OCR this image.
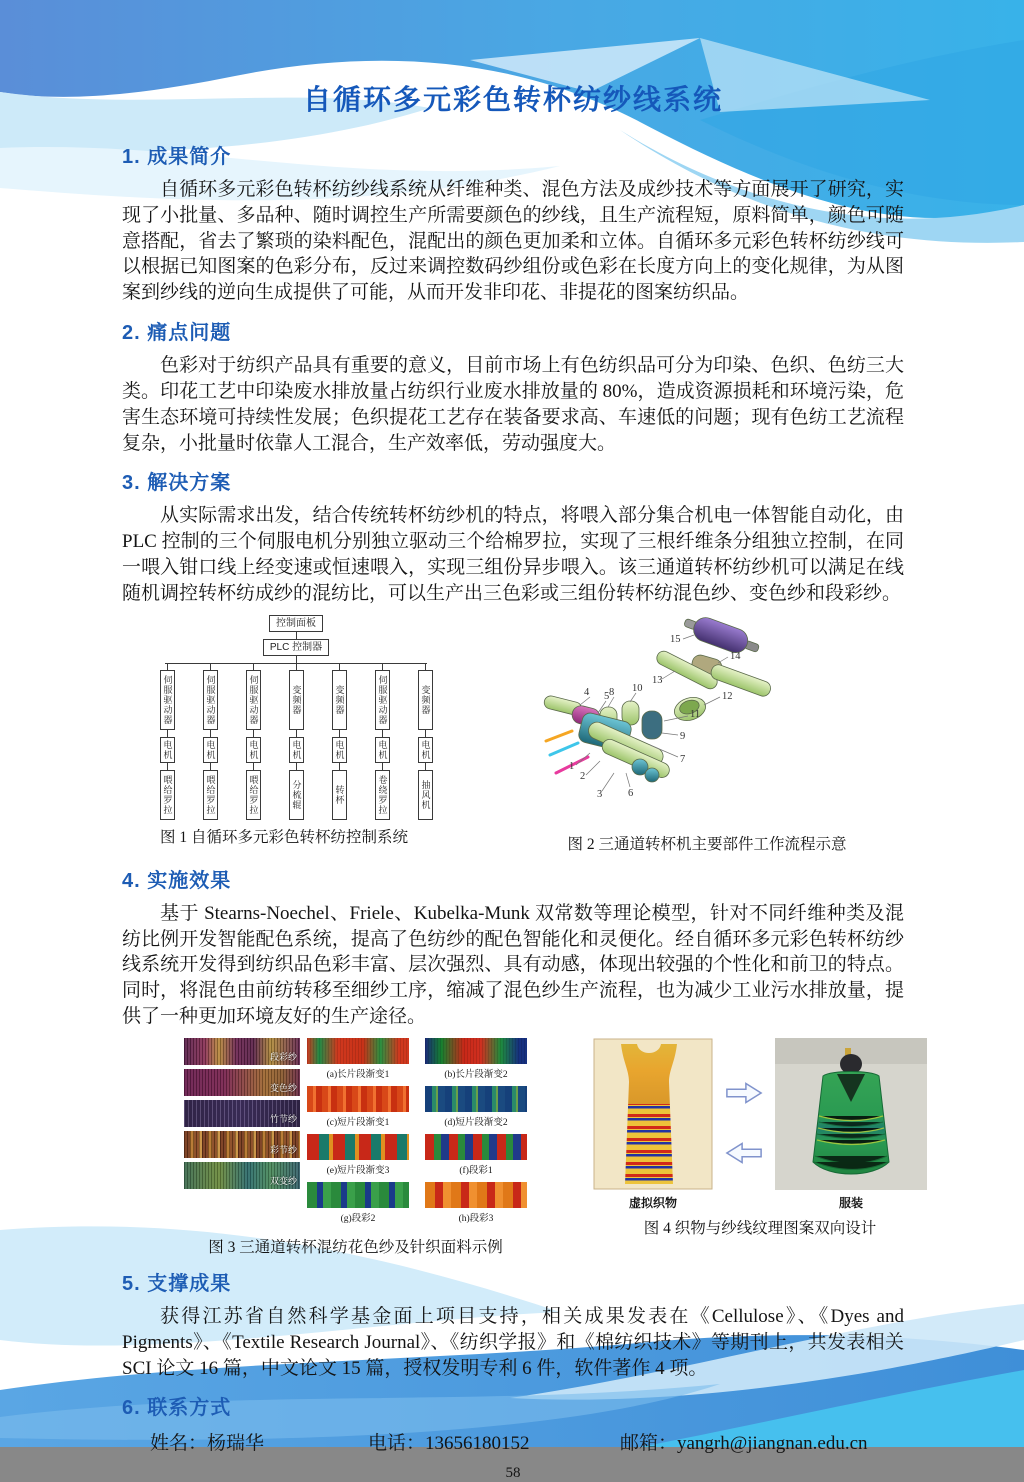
自循环多元彩色转杯纺纱线系统
1. 成果简介

自循环多元彩色转杯纺纱线系统从纤维种类、混色方法及成纱技术等方面展开了研究，实现了小批量、多品种、随时调控生产所需要颜色的纱线，且生产流程短，原料简单，颜色可随意搭配，省去了繁琐的染料配色，混配出的颜色更加柔和立体。自循环多元彩色转杯纺纱线可以根据已知图案的色彩分布，反过来调控数码纱组份或色彩在长度方向上的变化规律，为从图案到纱线的逆向生成提供了可能，从而开发非印花、非提花的图案纺织品。

2. 痛点问题

色彩对于纺织产品具有重要的意义，目前市场上有色纺织品可分为印染、色织、色纺三大类。印花工艺中印染废水排放量占纺织行业废水排放量的 80%，造成资源损耗和环境污染，危害生态环境可持续性发展；色织提花工艺存在装备要求高、车速低的问题；现有色纺工艺流程复杂，小批量时依靠人工混合，生产效率低，劳动强度大。

3. 解决方案

从实际需求出发，结合传统转杯纺纱机的特点，将喂入部分集合机电一体智能自动化，由 PLC 控制的三个伺服电机分别独立驱动三个给棉罗拉，实现了三根纤维条分组独立控制，在同一喂入钳口线上经变速或恒速喂入，实现三组份异步喂入。该三通道转杯纺纱机可以满足在线随机调控转杯纺成纱的混纺比，可以生产出三色彩或三组份转杯纺混色纱、变色纱和段彩纱。

控制面板
PLC 控制器
伺服驱动器
电机
喂给罗拉
伺服驱动器
电机
喂给罗拉
伺服驱动器
电机
喂给罗拉
变频器
电机
分梳辊
变频器
电机
转杯
伺服驱动器
电机
卷绕罗拉
变频器
电机
抽风机
图 1 自循环多元彩色转杯纺控制系统
1
2
3
4 5
6
7
8
9
10
11
12
13
14
15
图 2 三通道转杯机主要部件工作流程示意
4. 实施效果

基于 Stearns-Noechel、Friele、Kubelka-Munk 双常数等理论模型，针对不同纤维种类及混纺比例开发智能配色系统，提高了色纺纱的配色智能化和灵便化。经自循环多元彩色转杯纺纱线系统开发得到纺织品色彩丰富、层次强烈、具有动感，体现出较强的个性化和前卫的特点。同时，将混色由前纺转移至细纱工序，缩减了混色纱生产流程，也为减少工业污水排放量，提供了一种更加环境友好的生产途径。

段彩纱
变色纱
竹节纱
彩节纱
双变纱
(a)长片段渐变1
(c)短片段渐变1
(e)短片段渐变3
(g)段彩2
(b)长片段渐变2
(d)短片段渐变2
(f)段彩1
(h)段彩3
图 3 三通道转杯混纺花色纱及针织面料示例
虚拟织物	服装
图 4 织物与纱线纹理图案双向设计
5. 支撑成果

获得江苏省自然科学基金面上项目支持，相关成果发表在《Cellulose》、《Dyes and Pigments》、《Textile Research Journal》、《纺织学报》和《棉纺织技术》等期刊上，共发表相关 SCI 论文 16 篇，中文论文 15 篇，授权发明专利 6 件，软件著作 4 项。

6. 联系方式
姓名：杨瑞华	电话：13656180152	邮箱：yangrh@jiangnan.edu.cn
58
